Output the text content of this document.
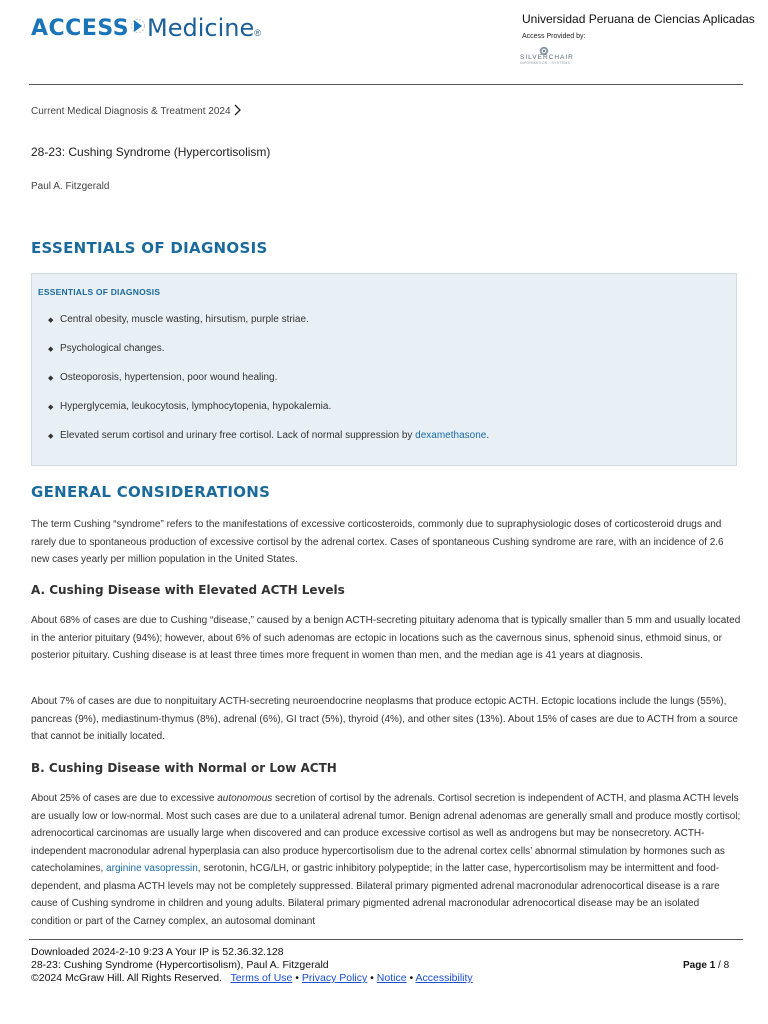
ACCESS Medicine ®
Universidad Peruana de Ciencias Aplicadas
Access Provided by:
SILVERCHAIR
INFORMATION / SYSTEMS
Current Medical Diagnosis & Treatment 2024
28-23: Cushing Syndrome (Hypercortisolism)
Paul A. Fitzgerald
ESSENTIALS OF DIAGNOSIS
ESSENTIALS OF DIAGNOSIS
◆ Central obesity, muscle wasting, hirsutism, purple striae.
◆ Psychological changes.
◆ Osteoporosis, hypertension, poor wound healing.
◆ Hyperglycemia, leukocytosis, lymphocytopenia, hypokalemia.
◆ Elevated serum cortisol and urinary free cortisol. Lack of normal suppression by dexamethasone.
GENERAL CONSIDERATIONS

The term Cushing “syndrome” refers to the manifestations of excessive corticosteroids, commonly due to supraphysiologic doses of corticosteroid drugs and rarely due to spontaneous production of excessive cortisol by the adrenal cortex. Cases of spontaneous Cushing syndrome are rare, with an incidence of 2.6 new cases yearly per million population in the United States.

A. Cushing Disease with Elevated ACTH Levels

About 68% of cases are due to Cushing “disease,” caused by a benign ACTH-secreting pituitary adenoma that is typically smaller than 5 mm and usually located in the anterior pituitary (94%); however, about 6% of such adenomas are ectopic in locations such as the cavernous sinus, sphenoid sinus, ethmoid sinus, or posterior pituitary. Cushing disease is at least three times more frequent in women than men, and the median age is 41 years at diagnosis.

About 7% of cases are due to nonpituitary ACTH-secreting neuroendocrine neoplasms that produce ectopic ACTH. Ectopic locations include the lungs (55%), pancreas (9%), mediastinum-thymus (8%), adrenal (6%), GI tract (5%), thyroid (4%), and other sites (13%). About 15% of cases are due to ACTH from a source that cannot be initially located.

B. Cushing Disease with Normal or Low ACTH

About 25% of cases are due to excessive autonomous secretion of cortisol by the adrenals. Cortisol secretion is independent of ACTH, and plasma ACTH levels are usually low or low-normal. Most such cases are due to a unilateral adrenal tumor. Benign adrenal adenomas are generally small and produce mostly cortisol; adrenocortical carcinomas are usually large when discovered and can produce excessive cortisol as well as androgens but may be nonsecretory. ACTH-independent macronodular adrenal hyperplasia can also produce hypercortisolism due to the adrenal cortex cells’ abnormal stimulation by hormones such as catecholamines, arginine vasopressin, serotonin, hCG/LH, or gastric inhibitory polypeptide; in the latter case, hypercortisolism may be intermittent and food-dependent, and plasma ACTH levels may not be completely suppressed. Bilateral primary pigmented adrenal macronodular adrenocortical disease is a rare cause of Cushing syndrome in children and young adults. Bilateral primary pigmented adrenal macronodular adrenocortical disease may be an isolated condition or part of the Carney complex, an autosomal dominant

Downloaded 2024-2-10 9:23 A Your IP is 52.36.32.128
28-23: Cushing Syndrome (Hypercortisolism), Paul A. Fitzgerald
©2024 McGraw Hill. All Rights Reserved. Terms of Use • Privacy Policy • Notice • Accessibility
Page 1 / 8
